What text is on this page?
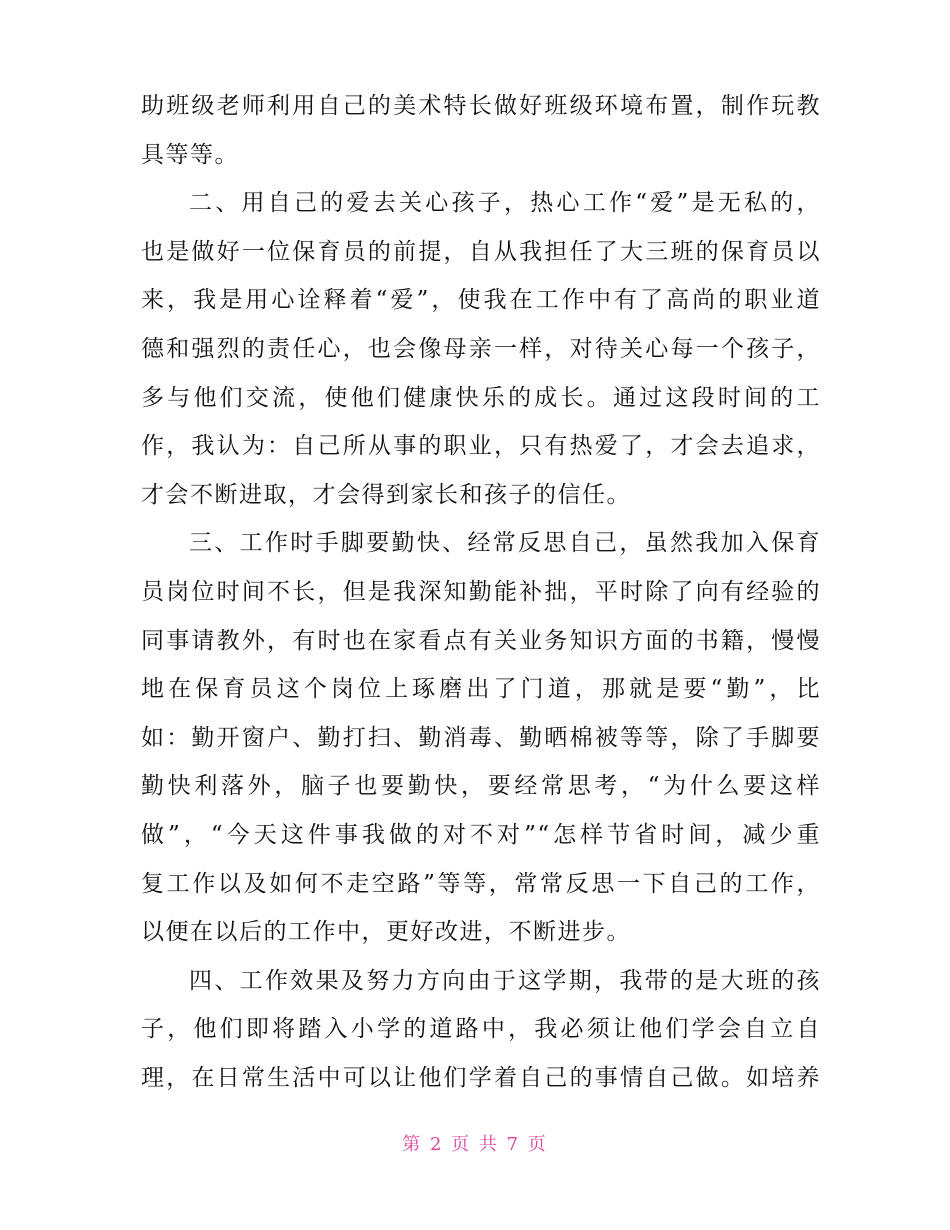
助班级老师利用自己的美术特长做好班级环境布置，制作玩教
具等等。
二、用自己的爱去关心孩子，热心工作“爱”是无私的，
也是做好一位保育员的前提，自从我担任了大三班的保育员以
来，我是用心诠释着“爱”，使我在工作中有了高尚的职业道
德和强烈的责任心，也会像母亲一样，对待关心每一个孩子，
多与他们交流，使他们健康快乐的成长。通过这段时间的工
作，我认为：自己所从事的职业，只有热爱了，才会去追求，
才会不断进取，才会得到家长和孩子的信任。
三、工作时手脚要勤快、经常反思自己，虽然我加入保育
员岗位时间不长，但是我深知勤能补拙，平时除了向有经验的
同事请教外，有时也在家看点有关业务知识方面的书籍，慢慢
地在保育员这个岗位上琢磨出了门道，那就是要“勤”，比
如：勤开窗户、勤打扫、勤消毒、勤晒棉被等等，除了手脚要
勤快利落外，脑子也要勤快，要经常思考，“为什么要这样
做”，“今天这件事我做的对不对”“怎样节省时间，减少重
复工作以及如何不走空路”等等，常常反思一下自己的工作，
以便在以后的工作中，更好改进，不断进步。
四、工作效果及努力方向由于这学期，我带的是大班的孩
子，他们即将踏入小学的道路中，我必须让他们学会自立自
理，在日常生活中可以让他们学着自己的事情自己做。如培养
第 2 页 共 7 页
